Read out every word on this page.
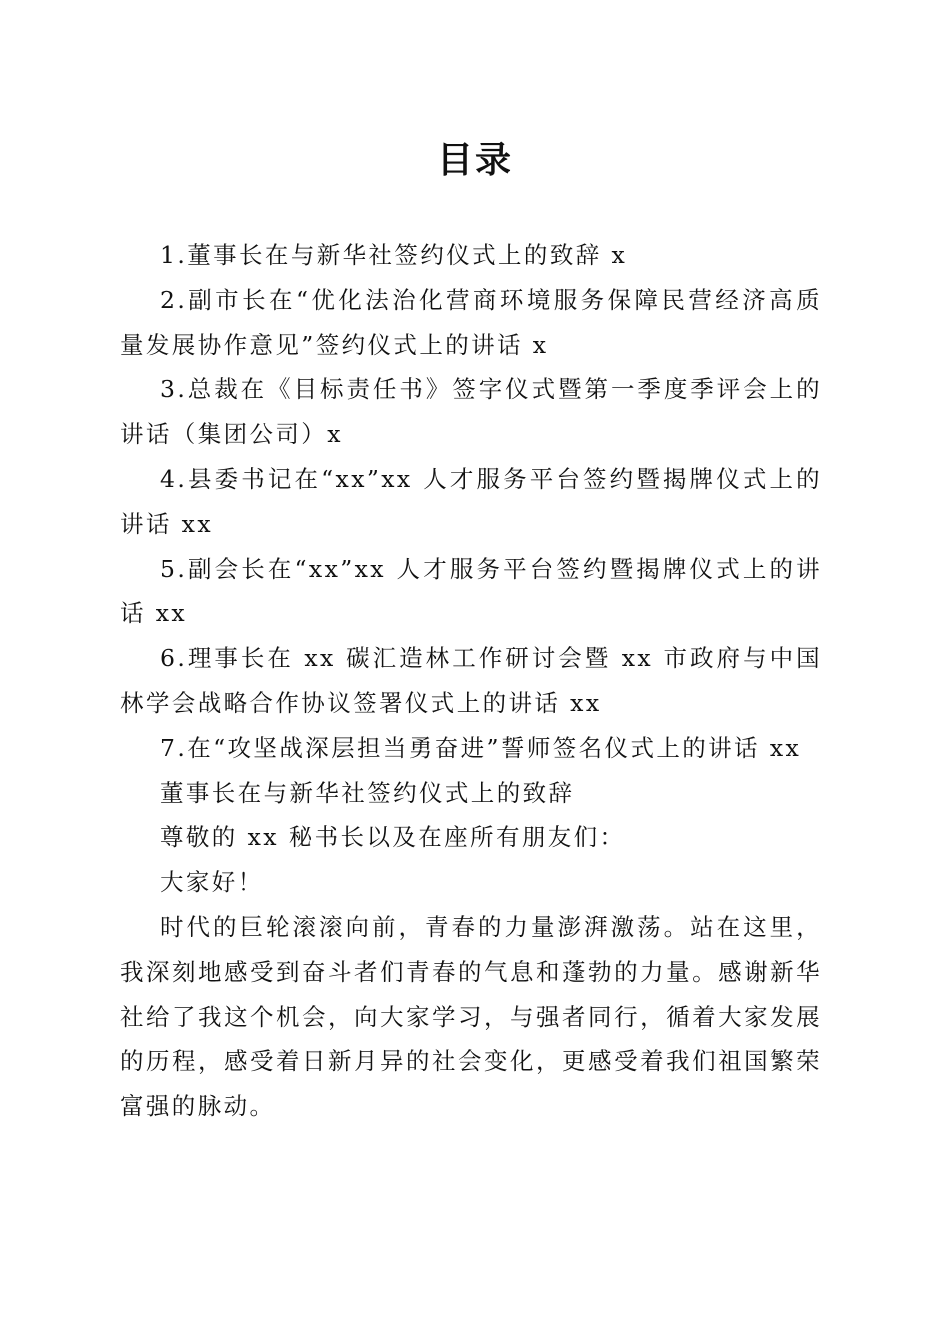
目录

1.董事长在与新华社签约仪式上的致辞 x

2.副市长在“优化法治化营商环境服务保障民营经济高质量发展协作意见”签约仪式上的讲话 x

3.总裁在《目标责任书》签字仪式暨第一季度季评会上的讲话（集团公司）x

4.县委书记在“xx”xx 人才服务平台签约暨揭牌仪式上的讲话 xx

5.副会长在“xx”xx 人才服务平台签约暨揭牌仪式上的讲话 xx

6.理事长在 xx 碳汇造林工作研讨会暨 xx 市政府与中国林学会战略合作协议签署仪式上的讲话 xx

7.在“攻坚战深层担当勇奋进”誓师签名仪式上的讲话 xx

董事长在与新华社签约仪式上的致辞

尊敬的 xx 秘书长以及在座所有朋友们：

大家好！

时代的巨轮滚滚向前，青春的力量澎湃激荡。站在这里，我深刻地感受到奋斗者们青春的气息和蓬勃的力量。感谢新华社给了我这个机会，向大家学习，与强者同行，循着大家发展的历程，感受着日新月异的社会变化，更感受着我们祖国繁荣富强的脉动。
